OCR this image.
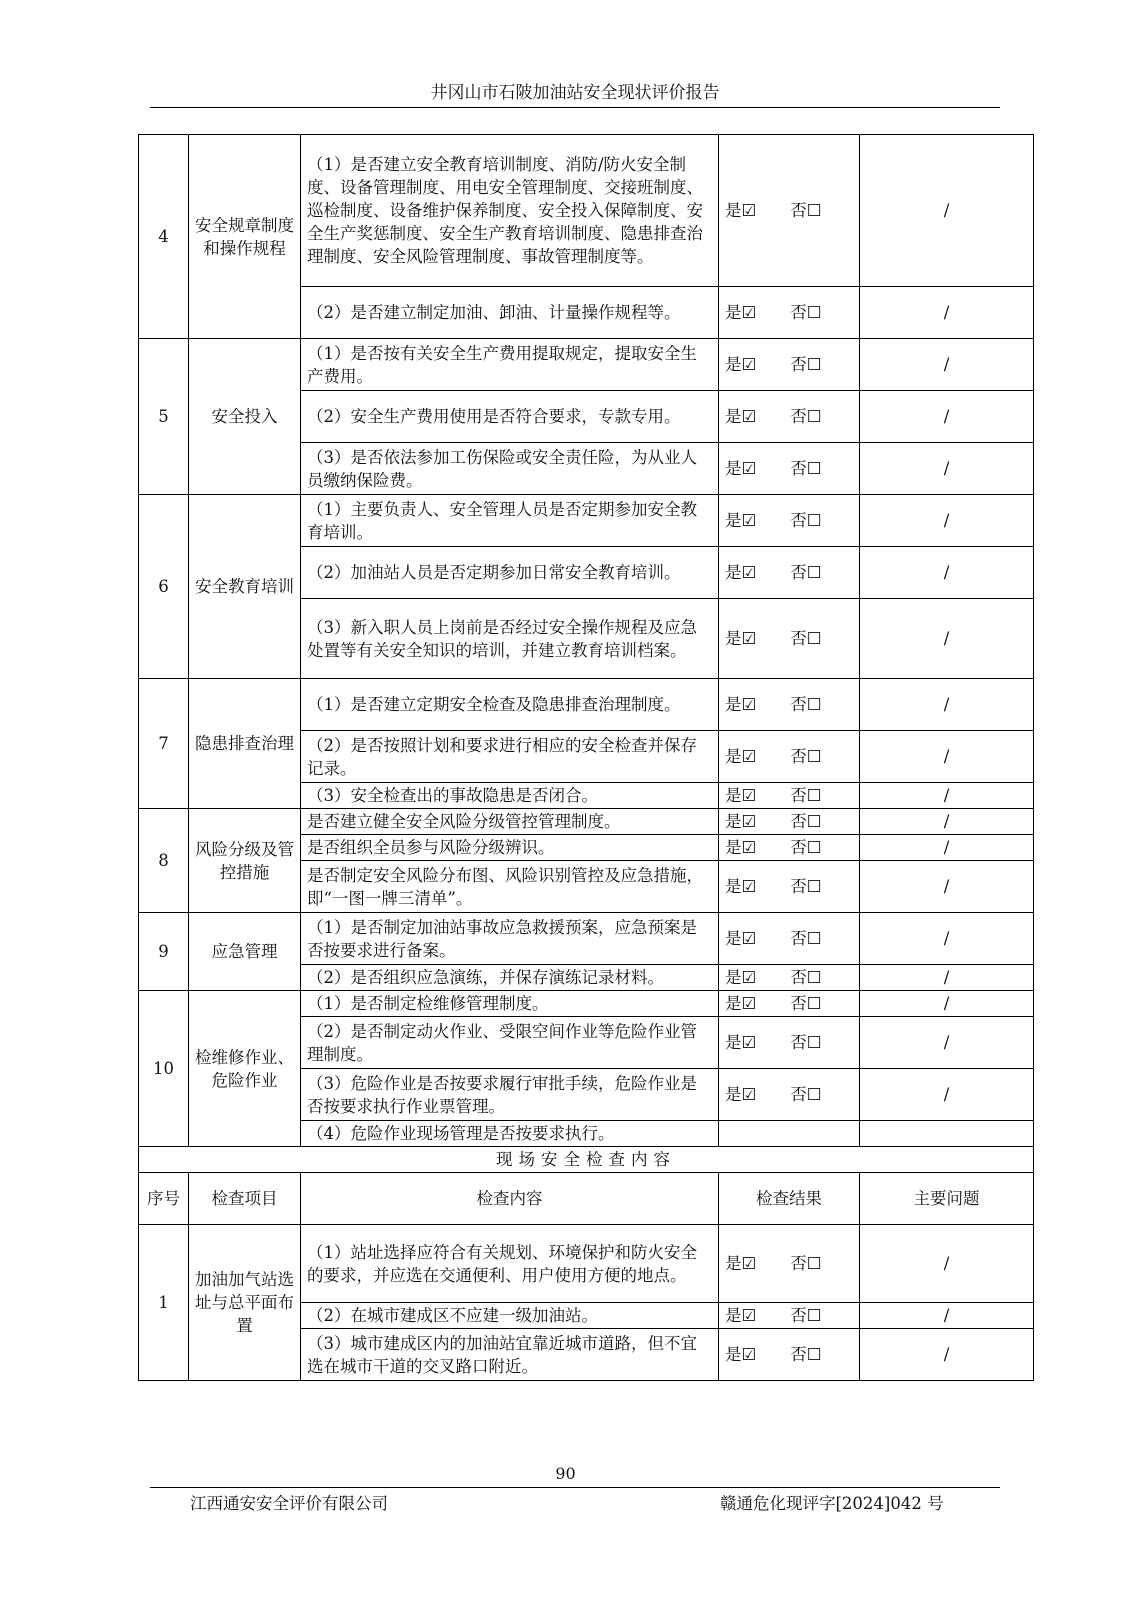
井冈山市石陂加油站安全现状评价报告
4	安全规章制度和操作规程	（1）是否建立安全教育培训制度、消防/防火安全制度、设备管理制度、用电安全管理制度、交接班制度、巡检制度、设备维护保养制度、安全投入保障制度、安全生产奖惩制度、安全生产教育培训制度、隐患排查治理制度、安全风险管理制度、事故管理制度等。	是☑ 否☐	/
		（2）是否建立制定加油、卸油、计量操作规程等。	是☑ 否☐	/
5	安全投入	（1）是否按有关安全生产费用提取规定，提取安全生产费用。	是☑ 否☐	/
		（2）安全生产费用使用是否符合要求，专款专用。	是☑ 否☐	/
		（3）是否依法参加工伤保险或安全责任险，为从业人员缴纳保险费。	是☑ 否☐	/
6	安全教育培训	（1）主要负责人、安全管理人员是否定期参加安全教育培训。	是☑ 否☐	/
		（2）加油站人员是否定期参加日常安全教育培训。	是☑ 否☐	/
		（3）新入职人员上岗前是否经过安全操作规程及应急处置等有关安全知识的培训，并建立教育培训档案。	是☑ 否☐	/
7	隐患排查治理	（1）是否建立定期安全检查及隐患排查治理制度。	是☑ 否☐	/
		（2）是否按照计划和要求进行相应的安全检查并保存记录。	是☑ 否☐	/
		（3）安全检查出的事故隐患是否闭合。	是☑ 否☐	/
8	风险分级及管控措施	是否建立健全安全风险分级管控管理制度。	是☑ 否☐	/
		是否组织全员参与风险分级辨识。	是☑ 否☐	/
		是否制定安全风险分布图、风险识别管控及应急措施，即“一图一牌三清单”。	是☑ 否☐	/
9	应急管理	（1）是否制定加油站事故应急救援预案，应急预案是否按要求进行备案。	是☑ 否☐	/
		（2）是否组织应急演练，并保存演练记录材料。	是☑ 否☐	/
10	检维修作业、危险作业	（1）是否制定检维修管理制度。	是☑ 否☐	/
		（2）是否制定动火作业、受限空间作业等危险作业管理制度。	是☑ 否☐	/
		（3）危险作业是否按要求履行审批手续，危险作业是否按要求执行作业票管理。	是☑ 否☐	/
		（4）危险作业现场管理是否按要求执行。		
现场安全检查内容				
序号	检查项目	检查内容	检查结果	主要问题
1	加油加气站选址与总平面布置	（1）站址选择应符合有关规划、环境保护和防火安全的要求，并应选在交通便利、用户使用方便的地点。	是☑ 否☐	/
		（2）在城市建成区不应建一级加油站。	是☑ 否☐	/
		（3）城市建成区内的加油站宜靠近城市道路，但不宜选在城市干道的交叉路口附近。	是☑ 否☐	/
90
江西通安安全评价有限公司	赣通危化现评字[2024]042 号
